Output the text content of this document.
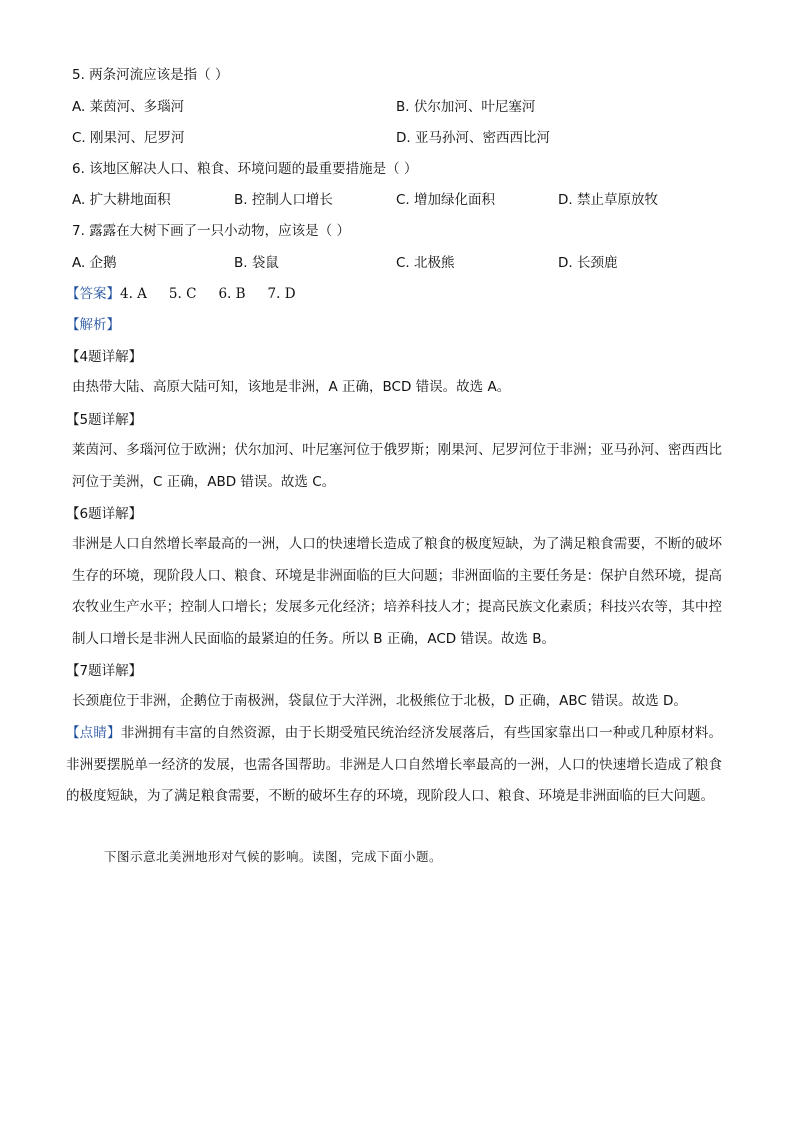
5. 两条河流应该是指（ ）
A. 莱茵河、多瑙河	B. 伏尔加河、叶尼塞河
C. 刚果河、尼罗河	D. 亚马孙河、密西西比河
6. 该地区解决人口、粮食、环境问题的最重要措施是（ ）
A. 扩大耕地面积	B. 控制人口增长	C. 增加绿化面积	D. 禁止草原放牧
7. 露露在大树下画了一只小动物，应该是（ ）
A. 企鹅	B. 袋鼠	C. 北极熊	D. 长颈鹿
【答案】4. A 5. C 6. B 7. D
【解析】
【4题详解】
由热带大陆、高原大陆可知，该地是非洲，A 正确，BCD 错误。故选 A。
【5题详解】
莱茵河、多瑙河位于欧洲；伏尔加河、叶尼塞河位于俄罗斯；刚果河、尼罗河位于非洲；亚马孙河、密西西比河位于美洲，C 正确，ABD 错误。故选 C。
【6题详解】
非洲是人口自然增长率最高的一洲，人口的快速增长造成了粮食的极度短缺，为了满足粮食需要，不断的破坏生存的环境，现阶段人口、粮食、环境是非洲面临的巨大问题；非洲面临的主要任务是：保护自然环境，提高农牧业生产水平；控制人口增长；发展多元化经济；培养科技人才；提高民族文化素质；科技兴农等，其中控制人口增长是非洲人民面临的最紧迫的任务。所以 B 正确，ACD 错误。故选 B。
【7题详解】
长颈鹿位于非洲，企鹅位于南极洲，袋鼠位于大洋洲，北极熊位于北极，D 正确，ABC 错误。故选 D。
【点睛】非洲拥有丰富的自然资源，由于长期受殖民统治经济发展落后，有些国家靠出口一种或几种原材料。非洲要摆脱单一经济的发展，也需各国帮助。非洲是人口自然增长率最高的一洲，人口的快速增长造成了粮食的极度短缺，为了满足粮食需要，不断的破坏生存的环境，现阶段人口、粮食、环境是非洲面临的巨大问题。
下图示意北美洲地形对气候的影响。读图，完成下面小题。
